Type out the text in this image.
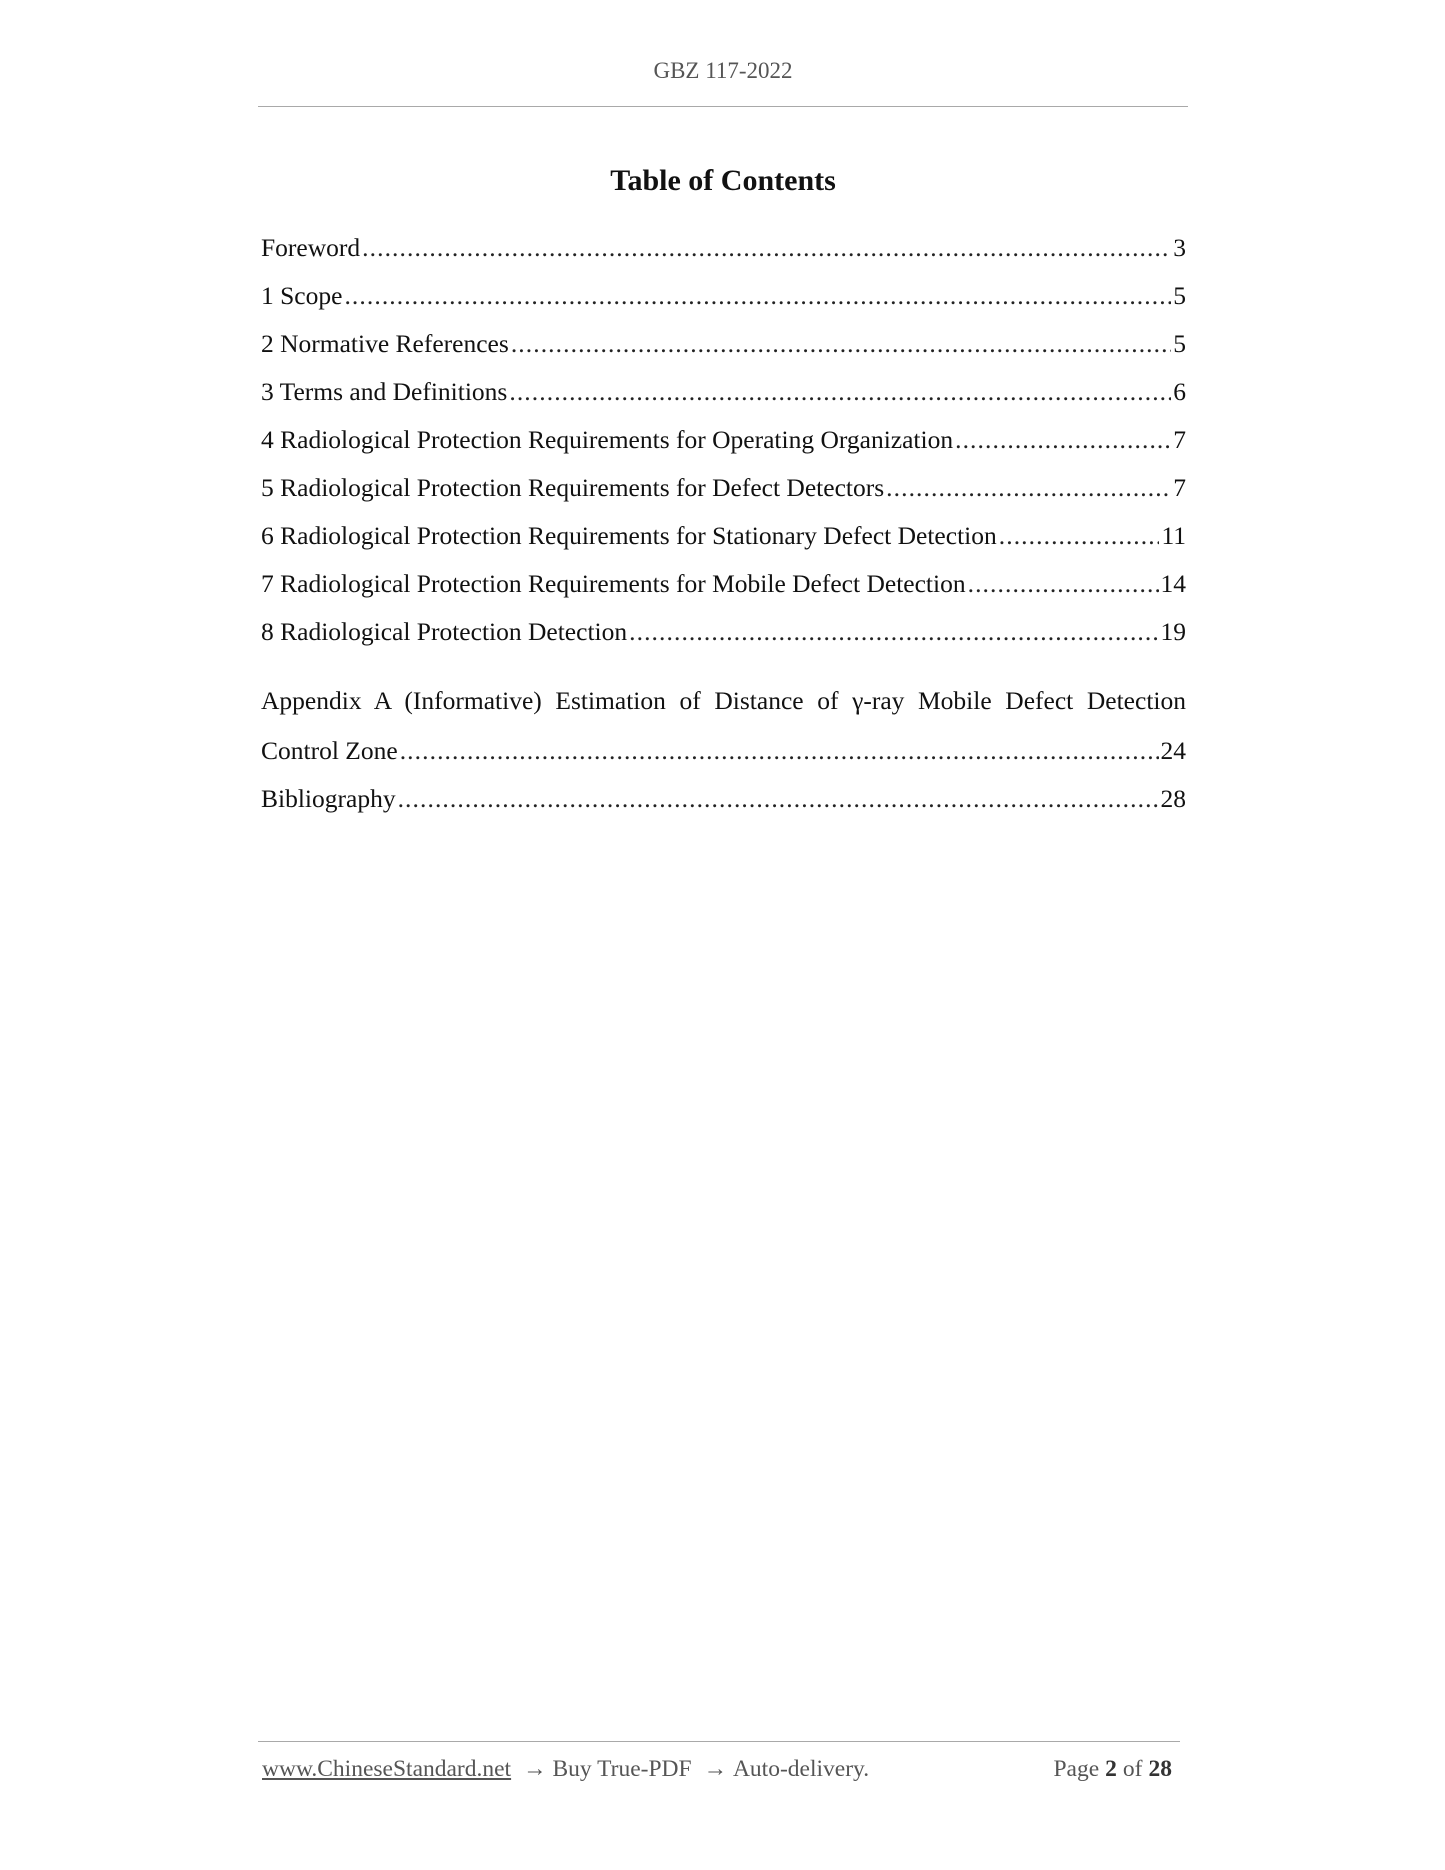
GBZ 117-2022
Table of Contents
Foreword .....	3
1 Scope .....	5
2 Normative References .....	5
3 Terms and Definitions .....	6
4 Radiological Protection Requirements for Operating Organization .....	7
5 Radiological Protection Requirements for Defect Detectors .....	7
6 Radiological Protection Requirements for Stationary Defect Detection .....	11
7 Radiological Protection Requirements for Mobile Defect Detection .....	14
8 Radiological Protection Detection .....	19
Appendix A (Informative) Estimation of Distance of γ-ray Mobile Defect Detection
Control Zone .....	24
Bibliography .....	28
www.ChineseStandard.net → Buy True-PDF → Auto-delivery.	Page 2 of 28
